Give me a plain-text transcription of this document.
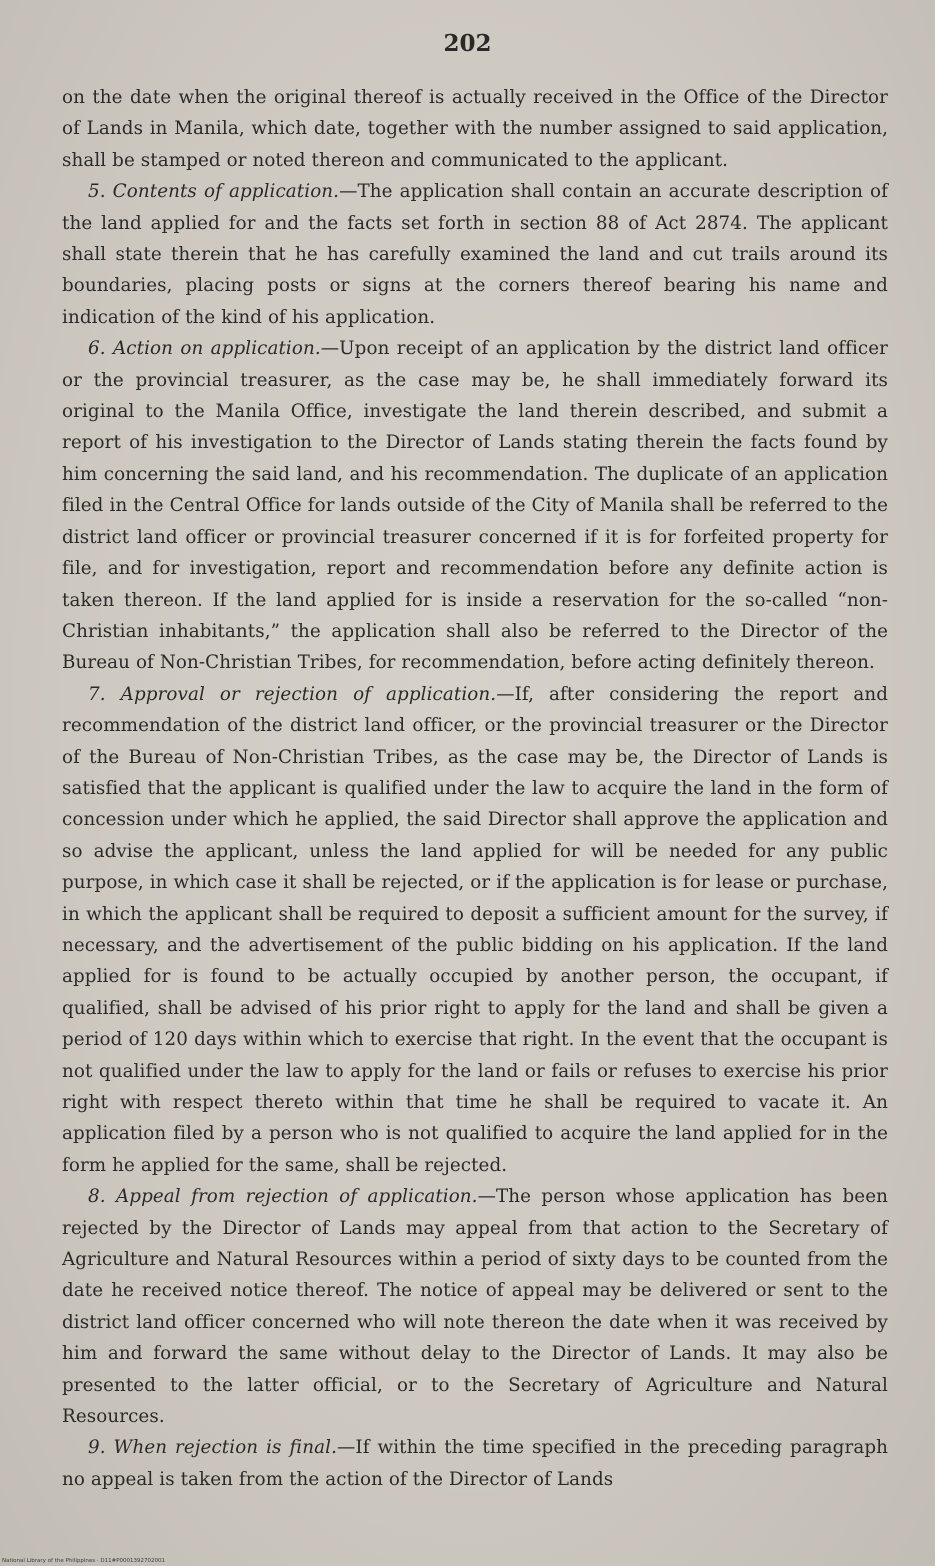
202

on the date when the original thereof is actually received in the Office of the Director of Lands in Manila, which date, together with the number assigned to said application, shall be stamped or noted thereon and communicated to the applicant.

5. Contents of application.—The application shall contain an accurate description of the land applied for and the facts set forth in section 88 of Act 2874. The applicant shall state therein that he has carefully examined the land and cut trails around its boundaries, placing posts or signs at the corners thereof bearing his name and indication of the kind of his application.

6. Action on application.—Upon receipt of an application by the district land officer or the provincial treasurer, as the case may be, he shall immediately forward its original to the Manila Office, investigate the land therein described, and submit a report of his investigation to the Director of Lands stating therein the facts found by him concerning the said land, and his recommendation. The duplicate of an application filed in the Central Office for lands outside of the City of Manila shall be referred to the district land officer or provincial treasurer concerned if it is for forfeited property for file, and for investigation, report and recommendation before any definite action is taken thereon. If the land applied for is inside a reservation for the so-called “non-Christian inhabitants,” the application shall also be referred to the Director of the Bureau of Non-Christian Tribes, for recommendation, before acting definitely thereon.

7. Approval or rejection of application.—If, after considering the report and recommendation of the district land officer, or the provincial treasurer or the Director of the Bureau of Non-Christian Tribes, as the case may be, the Director of Lands is satisfied that the applicant is qualified under the law to acquire the land in the form of concession under which he applied, the said Director shall approve the application and so advise the applicant, unless the land applied for will be needed for any public purpose, in which case it shall be rejected, or if the application is for lease or purchase, in which the applicant shall be required to deposit a sufficient amount for the survey, if necessary, and the advertisement of the public bidding on his application. If the land applied for is found to be actually occupied by another person, the occupant, if qualified, shall be advised of his prior right to apply for the land and shall be given a period of 120 days within which to exercise that right. In the event that the occupant is not qualified under the law to apply for the land or fails or refuses to exercise his prior right with respect thereto within that time he shall be required to vacate it. An application filed by a person who is not qualified to acquire the land applied for in the form he applied for the same, shall be rejected.

8. Appeal from rejection of application.—The person whose application has been rejected by the Director of Lands may appeal from that action to the Secretary of Agriculture and Natural Resources within a period of sixty days to be counted from the date he received notice thereof. The notice of appeal may be delivered or sent to the district land officer concerned who will note thereon the date when it was received by him and forward the same without delay to the Director of Lands. It may also be presented to the latter official, or to the Secretary of Agriculture and Natural Resources.

9. When rejection is final.—If within the time specified in the preceding paragraph no appeal is taken from the action of the Director of Lands

National Library of the Philippines · D11#P0001392702001
